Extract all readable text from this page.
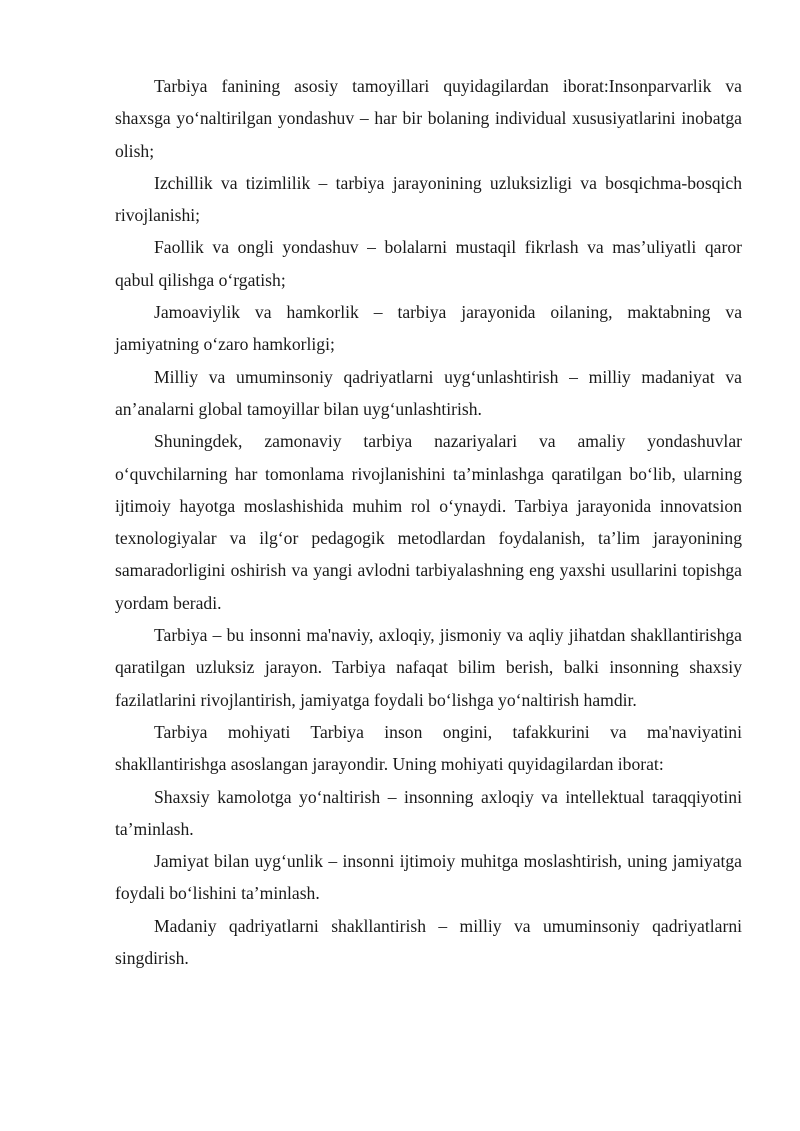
Tarbiya fanining asosiy tamoyillari quyidagilardan iborat:Insonparvarlik va shaxsga yo‘naltirilgan yondashuv – har bir bolaning individual xususiyatlarini inobatga olish;

Izchillik va tizimlilik – tarbiya jarayonining uzluksizligi va bosqichma-bosqich rivojlanishi;

Faollik va ongli yondashuv – bolalarni mustaqil fikrlash va mas’uliyatli qaror qabul qilishga o‘rgatish;

Jamoaviylik va hamkorlik – tarbiya jarayonida oilaning, maktabning va jamiyatning o‘zaro hamkorligi;

Milliy va umuminsoniy qadriyatlarni uyg‘unlashtirish – milliy madaniyat va an’analarni global tamoyillar bilan uyg‘unlashtirish.

Shuningdek, zamonaviy tarbiya nazariyalari va amaliy yondashuvlar o‘quvchilarning har tomonlama rivojlanishini ta’minlashga qaratilgan bo‘lib, ularning ijtimoiy hayotga moslashishida muhim rol o‘ynaydi. Tarbiya jarayonida innovatsion texnologiyalar va ilg‘or pedagogik metodlardan foydalanish, ta’lim jarayonining samaradorligini oshirish va yangi avlodni tarbiyalashning eng yaxshi usullarini topishga yordam beradi.

Tarbiya – bu insonni ma'naviy, axloqiy, jismoniy va aqliy jihatdan shakllantirishga qaratilgan uzluksiz jarayon. Tarbiya nafaqat bilim berish, balki insonning shaxsiy fazilatlarini rivojlantirish, jamiyatga foydali bo‘lishga yo‘naltirish hamdir.

Tarbiya mohiyati Tarbiya inson ongini, tafakkurini va ma'naviyatini shakllantirishga asoslangan jarayondir. Uning mohiyati quyidagilardan iborat:

Shaxsiy kamolotga yo‘naltirish – insonning axloqiy va intellektual taraqqiyotini ta’minlash.

Jamiyat bilan uyg‘unlik – insonni ijtimoiy muhitga moslashtirish, uning jamiyatga foydali bo‘lishini ta’minlash.

Madaniy qadriyatlarni shakllantirish – milliy va umuminsoniy qadriyatlarni singdirish.
